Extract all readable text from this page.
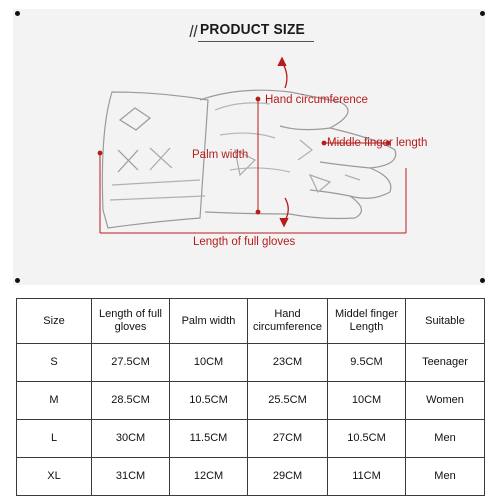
PRODUCT SIZE
Hand circumference
Palm width
Middle finger length
Length of full gloves
Size	Length of full gloves	Palm width	Hand circumference	Middel finger Length	Suitable
S	27.5CM	10CM	23CM	9.5CM	Teenager
M	28.5CM	10.5CM	25.5CM	10CM	Women
L	30CM	11.5CM	27CM	10.5CM	Men
XL	31CM	12CM	29CM	11CM	Men
